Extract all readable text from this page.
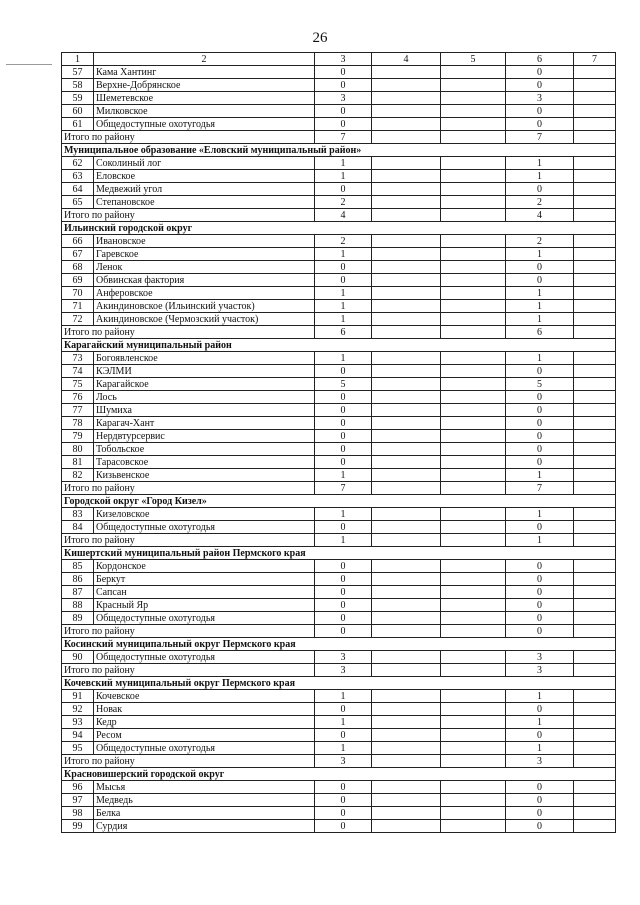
26
1	2	3	4	5	6	7
57	Кама Хантинг	0			0	
58	Верхне-Добрянское	0			0	
59	Шеметевское	3			3	
60	Милковское	0			0	
61	Общедоступные охотугодья	0			0	
Итого по району		7			7	
Муниципальное образование «Еловский муниципальный район»						
62	Соколиный лог	1			1	
63	Еловское	1			1	
64	Медвежий угол	0			0	
65	Степановское	2			2	
Итого по району		4			4	
Ильинский городской округ						
66	Ивановское	2			2	
67	Гаревское	1			1	
68	Ленок	0			0	
69	Обвинская фактория	0			0	
70	Анферовское	1			1	
71	Акиндиновское (Ильинский участок)	1			1	
72	Акиндиновское (Чермозский участок)	1			1	
Итого по району		6			6	
Карагайский муниципальный район						
73	Богоявленское	1			1	
74	КЭЛМИ	0			0	
75	Карагайское	5			5	
76	Лось	0			0	
77	Шумиха	0			0	
78	Карагач-Хант	0			0	
79	Нердвтурсервис	0			0	
80	Тобольское	0			0	
81	Тарасовское	0			0	
82	Кизьвенское	1			1	
Итого по району		7			7	
Городской округ «Город Кизел»						
83	Кизеловское	1			1	
84	Общедоступные охотугодья	0			0	
Итого по району		1			1	
Кишертский муниципальный район Пермского края						
85	Кордонское	0			0	
86	Беркут	0			0	
87	Сапсан	0			0	
88	Красный Яр	0			0	
89	Общедоступные охотугодья	0			0	
Итого по району		0			0	
Косинский муниципальный округ Пермского края						
90	Общедоступные охотугодья	3			3	
Итого по району		3			3	
Кочевский муниципальный округ Пермского края						
91	Кочевское	1			1	
92	Новак	0			0	
93	Кедр	1			1	
94	Ресом	0			0	
95	Общедоступные охотугодья	1			1	
Итого по району		3			3	
Красновишерский городской округ						
96	Мысья	0			0	
97	Медведь	0			0	
98	Белка	0			0	
99	Сурдия	0			0	
